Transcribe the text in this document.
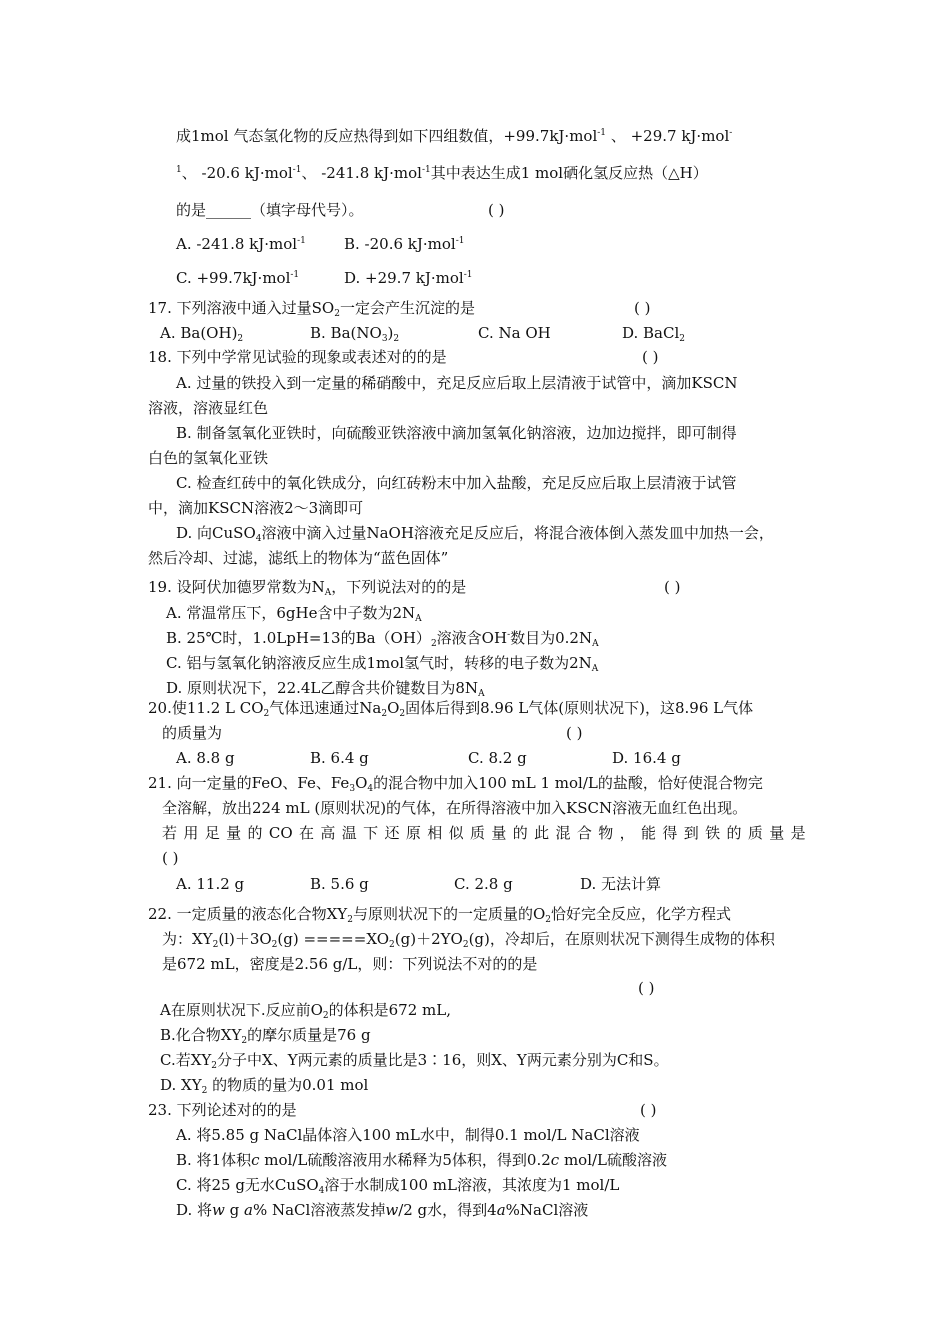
成1mol 气态氢化物的反应热得到如下四组数值，+99.7kJ·mol$^{-1}$ 、 +29.7 kJ·mol-
$^1$、 -20.6 kJ·mol$^{-1}$、 -241.8 kJ·mol$^{-1}$其中表达生成1 mol硒化氢反应热（△H）
的是______（填字母代号）。	( )
A. -241.8 kJ·mol$^{-1}$	B. -20.6 kJ·mol$^{-1}$
C. +99.7kJ·mol$^{-1}$	D. +29.7 kJ·mol$^{-1}$
17. 下列溶液中通入过量$SO_2$一定会产生沉淀的是	( )
A. $Ba(OH)_2$	B. $Ba(NO_3)_2$	C. Na OH	D. BaCl$_2$
18. 下列中学常见试验的现象或表述对的的是	( )
A. 过量的铁投入到一定量的稀硝酸中，充足反应后取上层清液于试管中，滴加KSCN
溶液，溶液显红色
B. 制备氢氧化亚铁时，向硫酸亚铁溶液中滴加氢氧化钠溶液，边加边搅拌，即可制得
白色的氢氧化亚铁
C. 检查红砖中的氧化铁成分，向红砖粉末中加入盐酸，充足反应后取上层清液于试管
中，滴加KSCN溶液2～3滴即可
D. 向CuSO$_4$溶液中滴入过量NaOH溶液充足反应后，将混合液体倒入蒸发皿中加热一会，
然后冷却、过滤，滤纸上的物体为“蓝色固体”
19. 设阿伏加德罗常数为$N_A$，下列说法对的的是	( )
A. 常温常压下，6gHe含中子数为$2N_A$
B. 25℃时，1.0LpH=13的$Ba(OH)_2$溶液含OH-数目为$0.2N_A$
C. 铝与氢氧化钠溶液反应生成1mol氢气时，转移的电子数为$2N_A$
D. 原则状况下，22.4L乙醇含共价键数目为$8N_A$
20.使11.2 L $CO_2$气体迅速通过$Na_2O_2$固体后得到8.96 L气体(原则状况下)，这8.96 L气体
的质量为	( )
A. 8.8 g	B. 6.4 g	C. 8.2 g	D. 16.4 g
21. 向一定量的FeO、Fe、$Fe_3O_4$的混合物中加入100 mL 1 mol/L的盐酸，恰好使混合物完
全溶解，放出224 mL (原则状况)的气体，在所得溶液中加入KSCN溶液无血红色出现。
若 用 足 量 的 CO 在 高 温 下 还 原 相 似 质 量 的 此 混 合 物 ， 能 得 到 铁 的 质 量 是
( )
A. 11.2 g	B. 5.6 g	C. 2.8 g	D. 无法计算
22. 一定质量的液态化合物$XY_2$与原则状况下的一定质量的$O_2$恰好完全反应，化学方程式
为：$XY_2(l)+3O_2(g) =====XO_2(g)+2YO_2(g)$，冷却后，在原则状况下测得生成物的体积
是672 mL，密度是2.56 g/L，则：下列说法不对的的是
( )
A在原则状况下.反应前$O_2$的体积是672 mL,
B.化合物$XY_2$的摩尔质量是76 g
C.若$XY_2$分子中X、Y两元素的质量比是3∶16，则X、Y两元素分别为C和S。
D. $XY_2$ 的物质的量为0.01 mol
23. 下列论述对的的是	( )
A. 将5.85 g NaCl晶体溶入100 mL水中，制得0.1 mol/L NaCl溶液
B. 将1体积c mol/L硫酸溶液用水稀释为5体积，得到0.2c mol/L硫酸溶液
C. 将25 g无水CuSO$_4$溶于水制成100 mL溶液，其浓度为1 mol/L
D. 将w g a% NaCl溶液蒸发掉w/2 g水，得到4a%NaCl溶液
